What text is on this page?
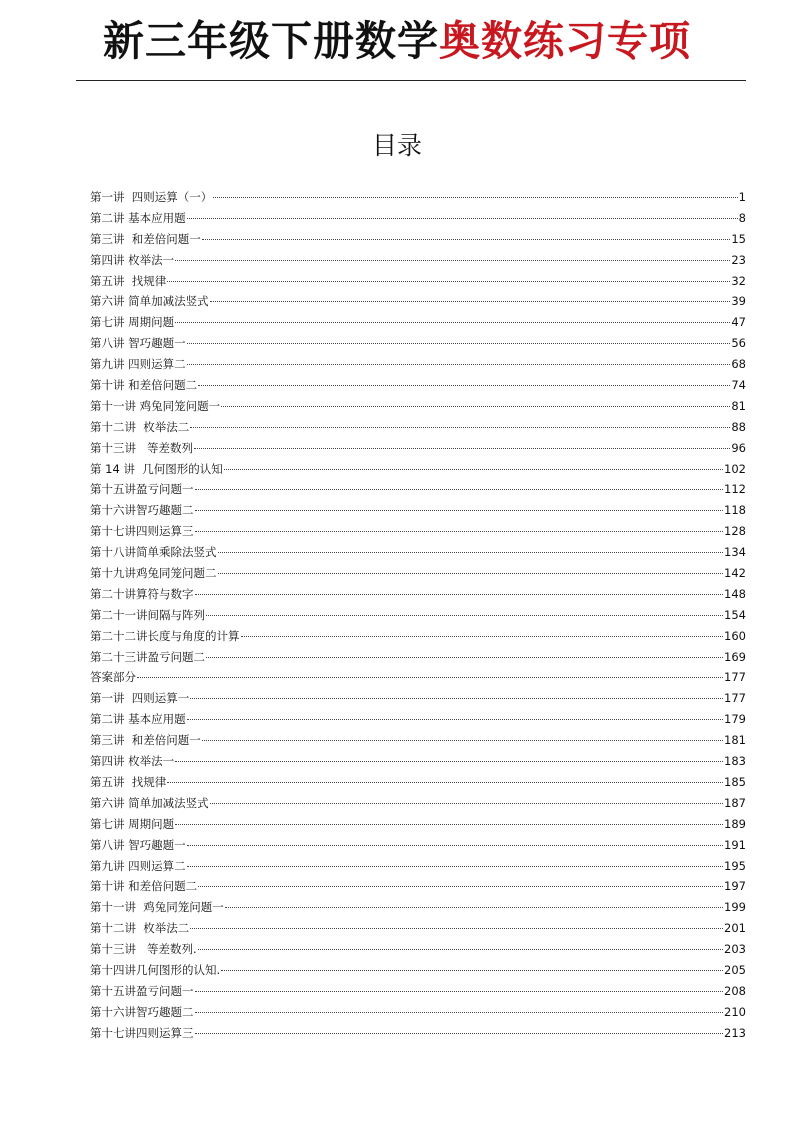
新三年级下册数学奥数练习专项
目录
第一讲  四则运算（一）	1
第二讲 基本应用题	8
第三讲  和差倍问题一	15
第四讲 枚举法一	23
第五讲  找规律	32
第六讲 简单加减法竖式	39
第七讲 周期问题	47
第八讲 智巧趣题一	56
第九讲 四则运算二	68
第十讲 和差倍问题二	74
第十一讲 鸡兔同笼问题一	81
第十二讲  枚举法二	88
第十三讲   等差数列	96
第 14 讲  几何图形的认知	102
第十五讲盈亏问题一	112
第十六讲智巧趣题二	118
第十七讲四则运算三	128
第十八讲简单乘除法竖式	134
第十九讲鸡兔同笼问题二	142
第二十讲算符与数字	148
第二十一讲间隔与阵列	154
第二十二讲长度与角度的计算	160
第二十三讲盈亏问题二	169
答案部分	177
第一讲  四则运算一	177
第二讲 基本应用题	179
第三讲  和差倍问题一	181
第四讲 枚举法一	183
第五讲  找规律	185
第六讲 简单加减法竖式	187
第七讲 周期问题	189
第八讲 智巧趣题一	191
第九讲 四则运算二	195
第十讲 和差倍问题二	197
第十一讲  鸡兔同笼问题一	199
第十二讲  枚举法二	201
第十三讲   等差数列.	203
第十四讲几何图形的认知.	205
第十五讲盈亏问题一	208
第十六讲智巧趣题二	210
第十七讲四则运算三	213
